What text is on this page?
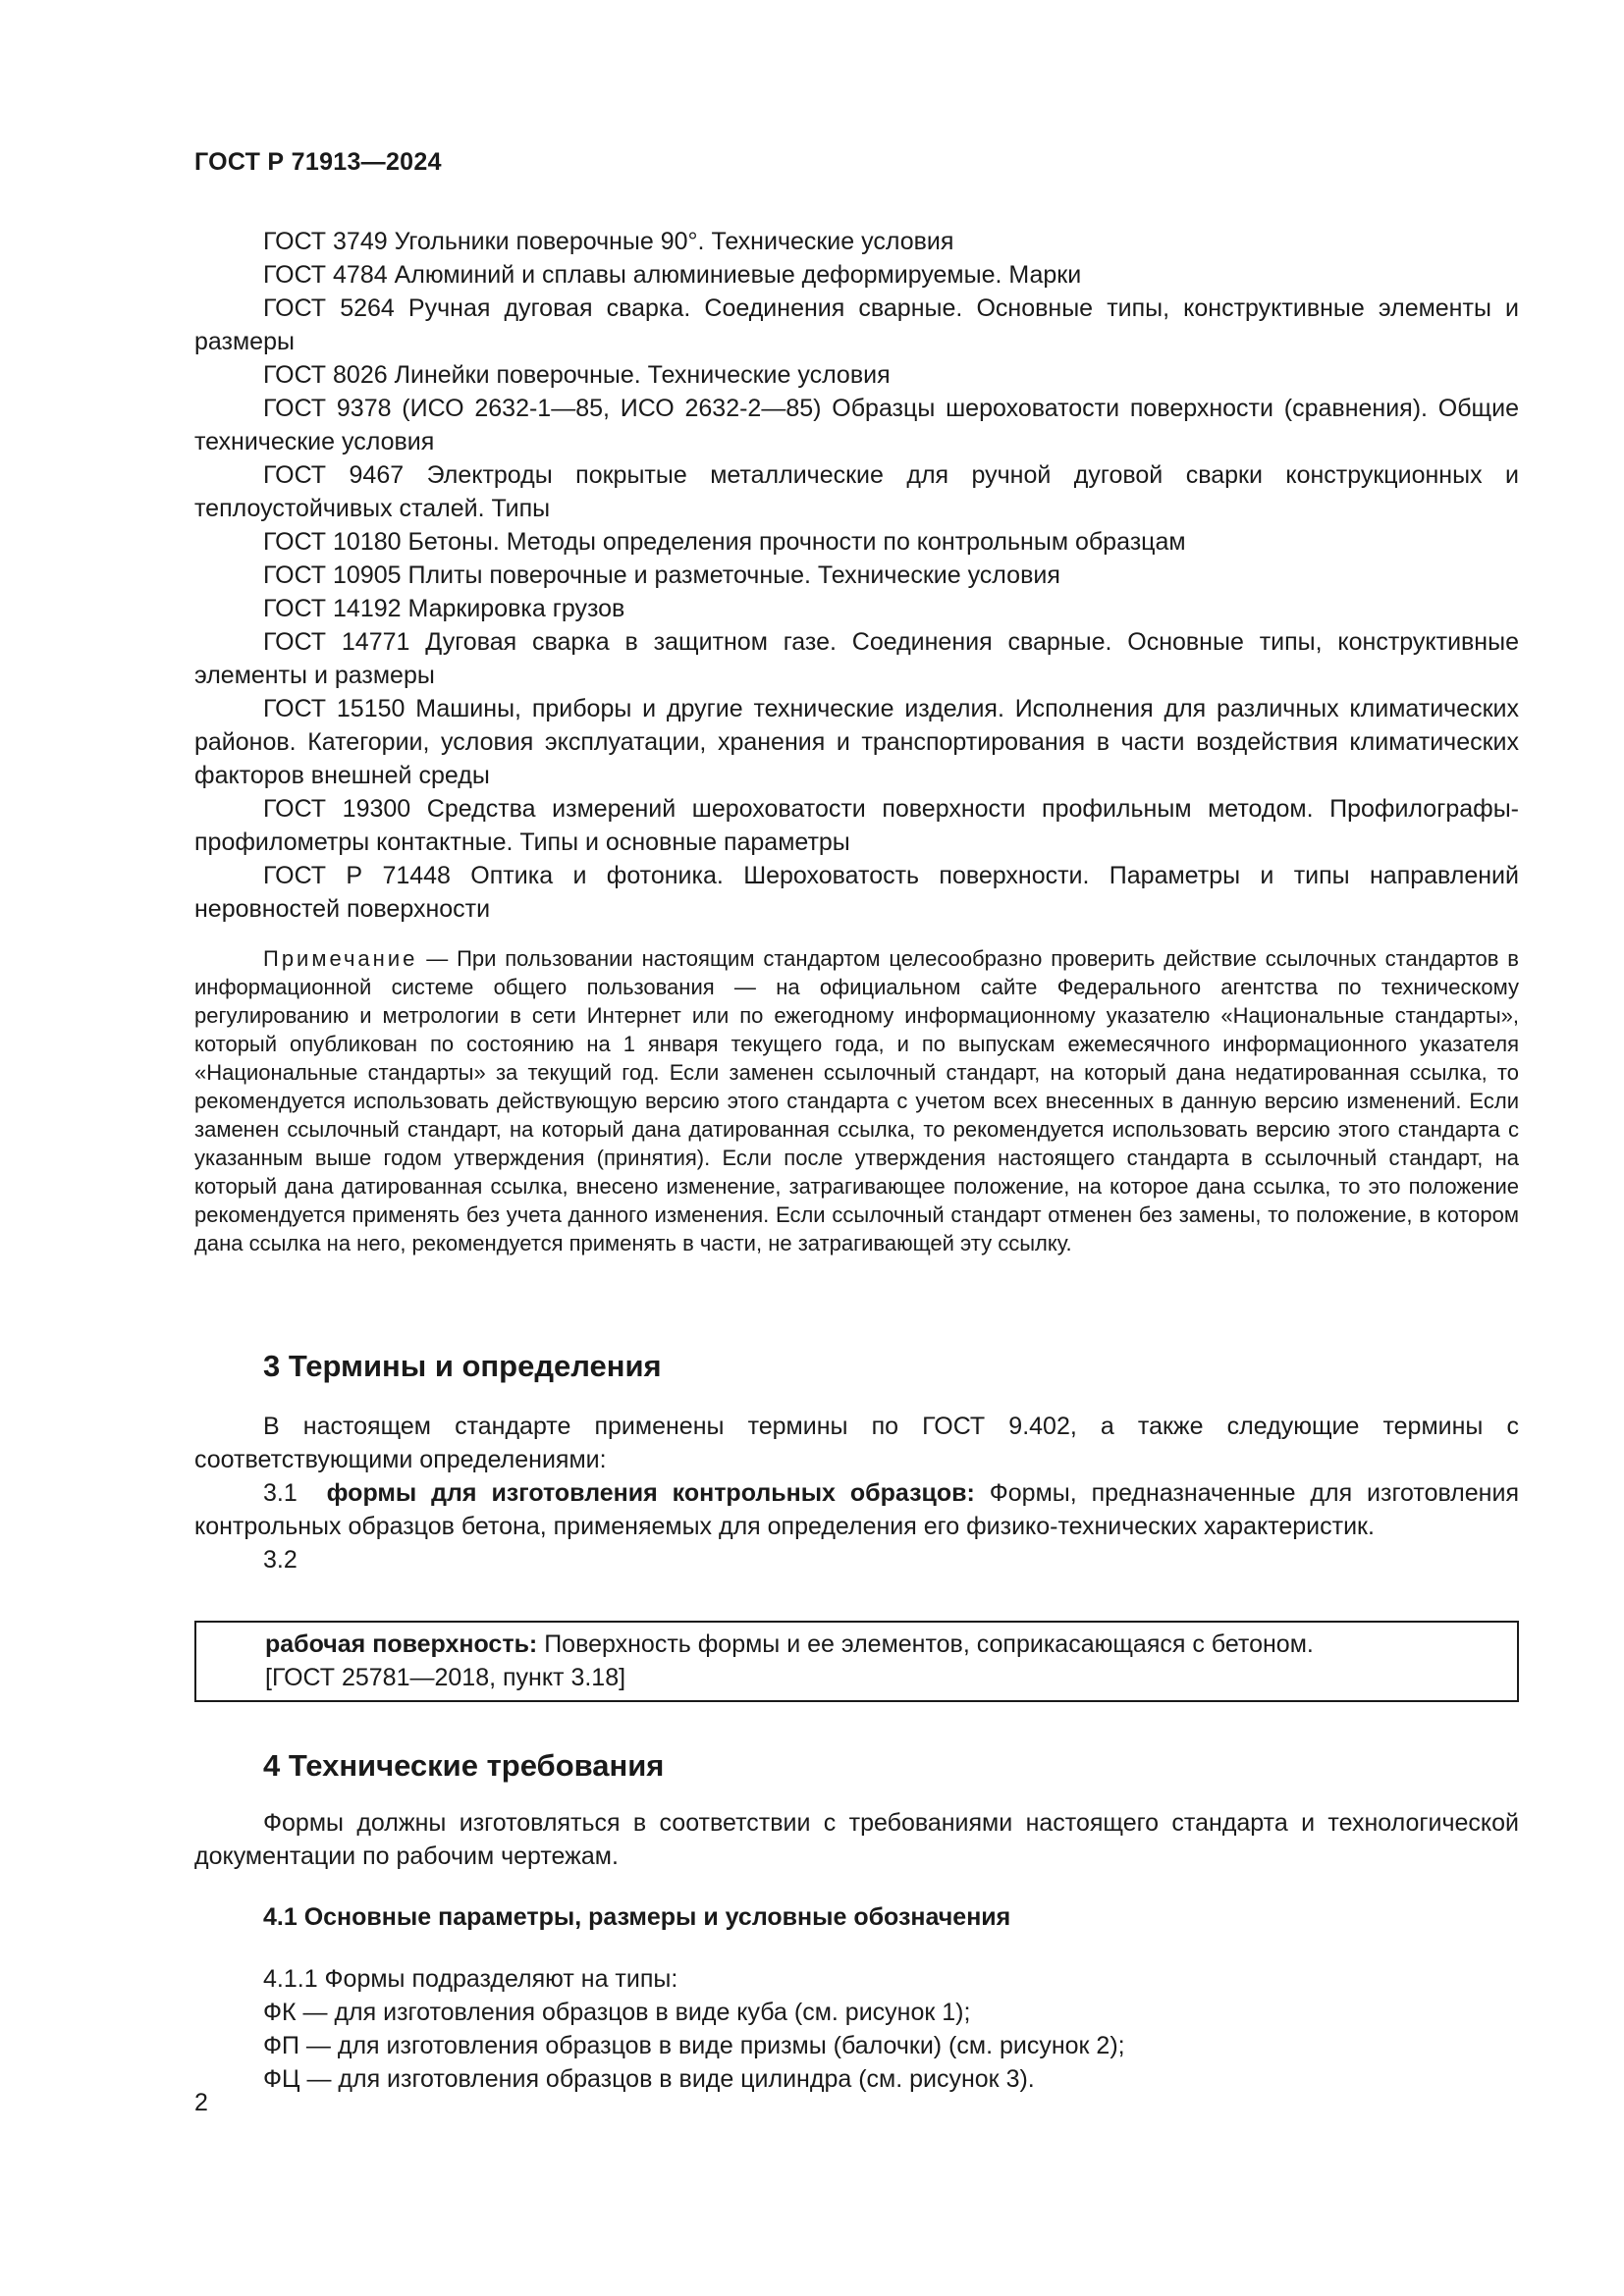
ГОСТ Р 71913—2024

ГОСТ 3749 Угольники поверочные 90°. Технические условия

ГОСТ 4784 Алюминий и сплавы алюминиевые деформируемые. Марки

ГОСТ 5264 Ручная дуговая сварка. Соединения сварные. Основные типы, конструктивные элементы и размеры

ГОСТ 8026 Линейки поверочные. Технические условия

ГОСТ 9378 (ИСО 2632-1—85, ИСО 2632-2—85) Образцы шероховатости поверхности (сравнения). Общие технические условия

ГОСТ 9467 Электроды покрытые металлические для ручной дуговой сварки конструкционных и теплоустойчивых сталей. Типы

ГОСТ 10180 Бетоны. Методы определения прочности по контрольным образцам

ГОСТ 10905 Плиты поверочные и разметочные. Технические условия

ГОСТ 14192 Маркировка грузов

ГОСТ 14771 Дуговая сварка в защитном газе. Соединения сварные. Основные типы, конструктивные элементы и размеры

ГОСТ 15150 Машины, приборы и другие технические изделия. Исполнения для различных климатических районов. Категории, условия эксплуатации, хранения и транспортирования в части воздействия климатических факторов внешней среды

ГОСТ 19300 Средства измерений шероховатости поверхности профильным методом. Профилографы-профилометры контактные. Типы и основные параметры

ГОСТ Р 71448 Оптика и фотоника. Шероховатость поверхности. Параметры и типы направлений неровностей поверхности

Примечание — При пользовании настоящим стандартом целесообразно проверить действие ссылочных стандартов в информационной системе общего пользования — на официальном сайте Федерального агентства по техническому регулированию и метрологии в сети Интернет или по ежегодному информационному указателю «Национальные стандарты», который опубликован по состоянию на 1 января текущего года, и по выпускам ежемесячного информационного указателя «Национальные стандарты» за текущий год. Если заменен ссылочный стандарт, на который дана недатированная ссылка, то рекомендуется использовать действующую версию этого стандарта с учетом всех внесенных в данную версию изменений. Если заменен ссылочный стандарт, на который дана датированная ссылка, то рекомендуется использовать версию этого стандарта с указанным выше годом утверждения (принятия). Если после утверждения настоящего стандарта в ссылочный стандарт, на который дана датированная ссылка, внесено изменение, затрагивающее положение, на которое дана ссылка, то это положение рекомендуется применять без учета данного изменения. Если ссылочный стандарт отменен без замены, то положение, в котором дана ссылка на него, рекомендуется применять в части, не затрагивающей эту ссылку.

3 Термины и определения

В настоящем стандарте применены термины по ГОСТ 9.402, а также следующие термины с соответствующими определениями:

3.1 формы для изготовления контрольных образцов: Формы, предназначенные для изготовления контрольных образцов бетона, применяемых для определения его физико-технических характеристик.

3.2

рабочая поверхность: Поверхность формы и ее элементов, соприкасающаяся с бетоном.
[ГОСТ 25781—2018, пункт 3.18]
4 Технические требования

Формы должны изготовляться в соответствии с требованиями настоящего стандарта и технологической документации по рабочим чертежам.

4.1 Основные параметры, размеры и условные обозначения

4.1.1 Формы подразделяют на типы:

ФК — для изготовления образцов в виде куба (см. рисунок 1);

ФП — для изготовления образцов в виде призмы (балочки) (см. рисунок 2);

ФЦ — для изготовления образцов в виде цилиндра (см. рисунок 3).

2
